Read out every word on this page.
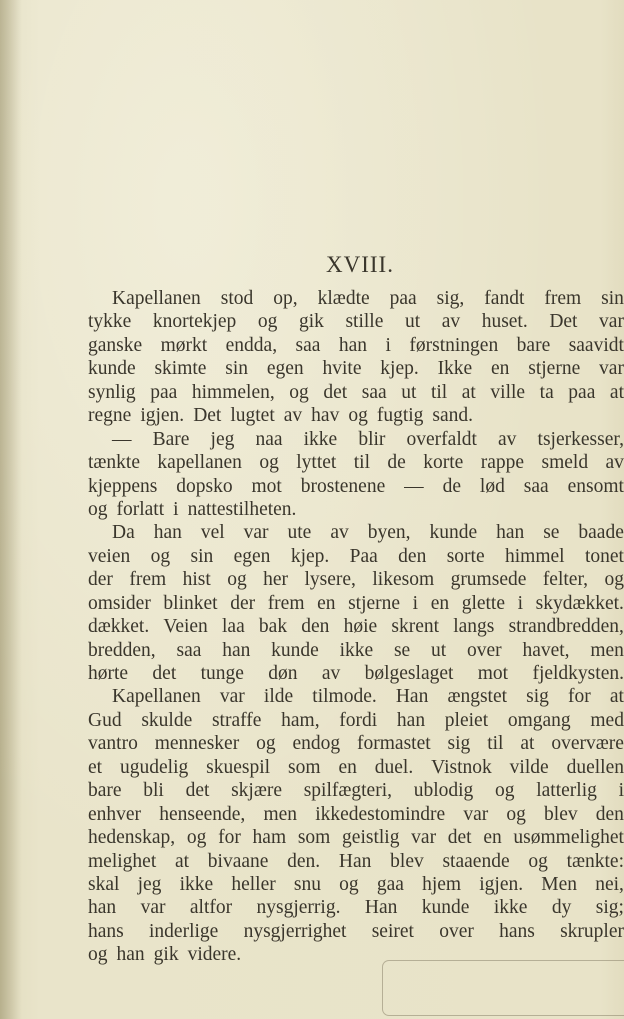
XVIII.
Kapellanen stod op, klædte paa sig, fandt frem sin
tykke knortekjep og gik stille ut av huset. Det var
ganske mørkt endda, saa han i førstningen bare saavidt
kunde skimte sin egen hvite kjep. Ikke en stjerne var
synlig paa himmelen, og det saa ut til at ville ta paa at
regne igjen. Det lugtet av hav og fugtig sand.
— Bare jeg naa ikke blir overfaldt av tsjerkesser,
tænkte kapellanen og lyttet til de korte rappe smeld av
kjeppens dopsko mot brostenene — de lød saa ensomt
og forlatt i nattestilheten.
Da han vel var ute av byen, kunde han se baade
veien og sin egen kjep. Paa den sorte himmel tonet
der frem hist og her lysere, likesom grumsede felter, og
omsider blinket der frem en stjerne i en glette i skydækket.
dækket. Veien laa bak den høie skrent langs strandbredden,
bredden, saa han kunde ikke se ut over havet, men
hørte det tunge døn av bølgeslaget mot fjeldkysten.
Kapellanen var ilde tilmode. Han ængstet sig for at
Gud skulde straffe ham, fordi han pleiet omgang med
vantro mennesker og endog formastet sig til at overvære
et ugudelig skuespil som en duel. Vistnok vilde duellen
bare bli det skjære spilfægteri, ublodig og latterlig i
enhver henseende, men ikkedestomindre var og blev den
hedenskap, og for ham som geistlig var det en usømmelighet
melighet at bivaane den. Han blev staaende og tænkte:
skal jeg ikke heller snu og gaa hjem igjen. Men nei,
han var altfor nysgjerrig. Han kunde ikke dy sig;
hans inderlige nysgjerrighet seiret over hans skrupler
og han gik videre.
